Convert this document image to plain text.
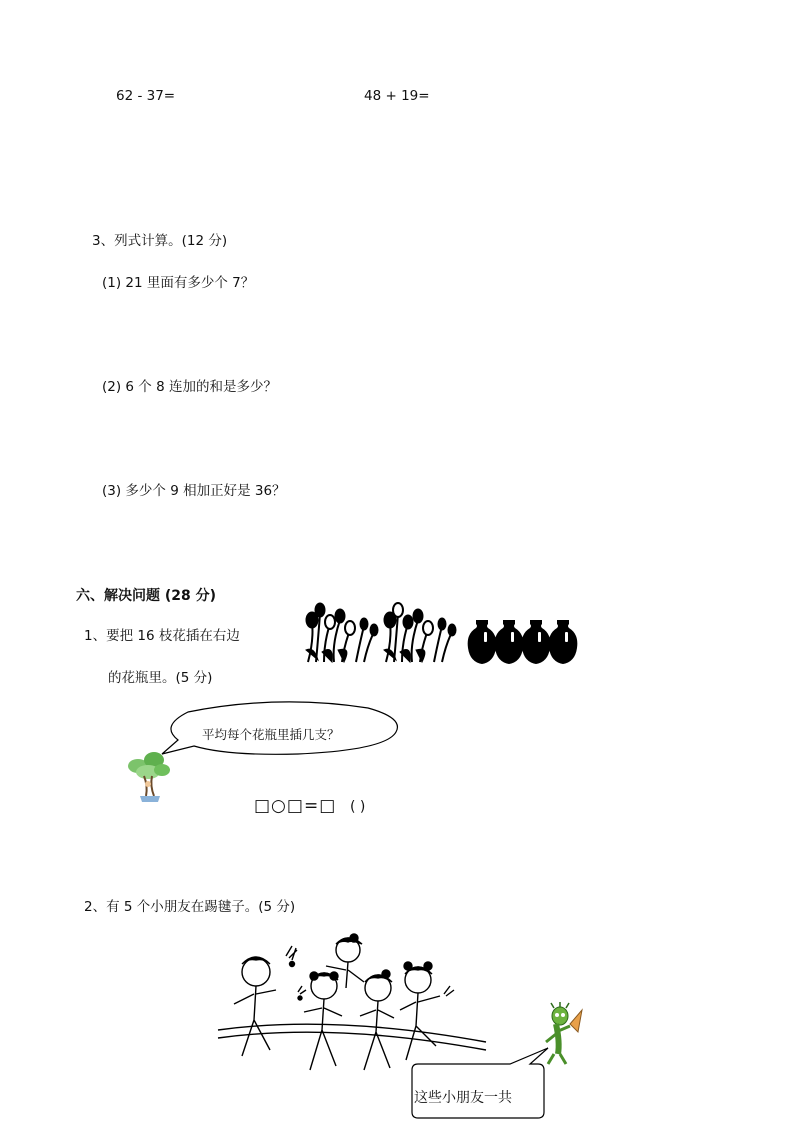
62 - 37=	48 + 19=
3、列式计算。(12 分)
(1) 21 里面有多少个 7？
(2) 6 个 8 连加的和是多少？
(3) 多少个 9 相加正好是 36？
六、解决问题 (28 分)
1、要把 16 枝花插在右边
的花瓶里。(5 分)
平均每个花瓶里插几支？
□○□=□ ( )
2、有 5 个小朋友在踢毽子。(5 分)
这些小朋友一共
